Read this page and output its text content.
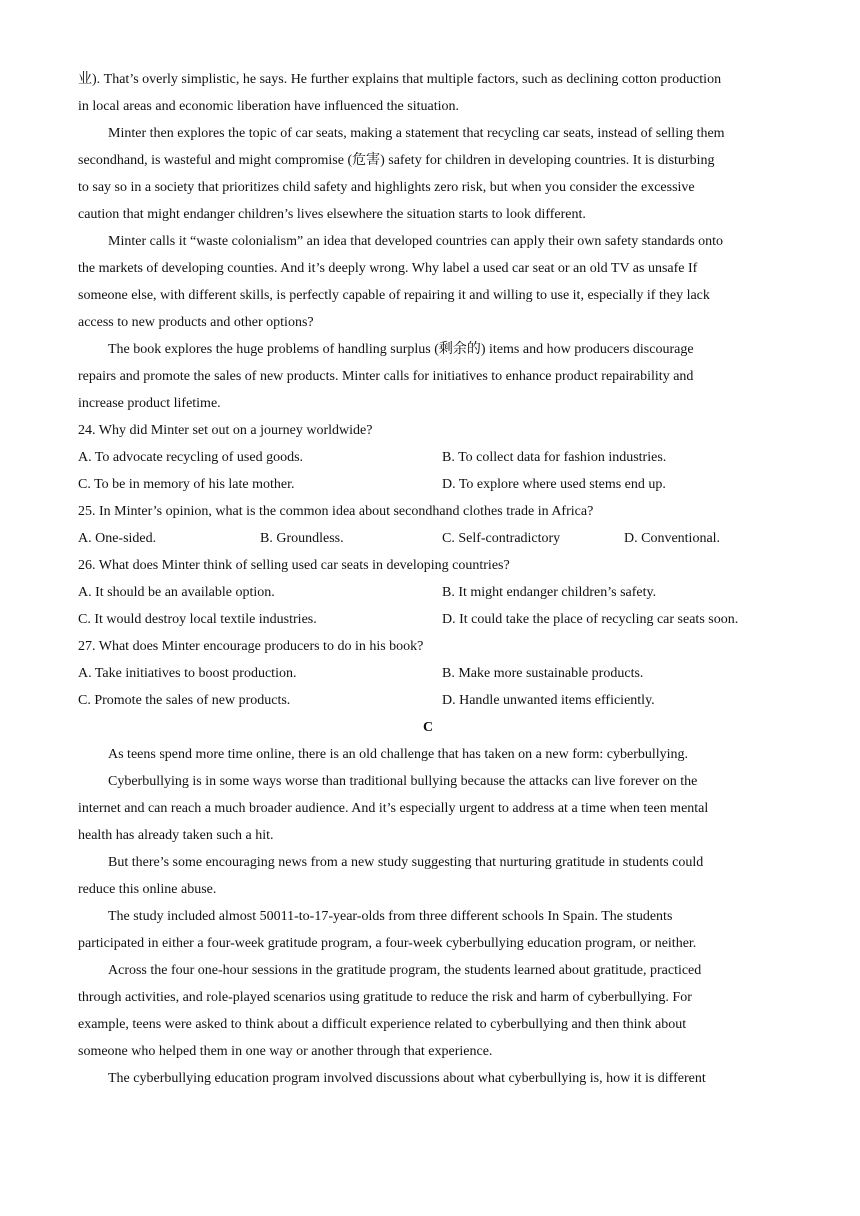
业). That’s overly simplistic, he says. He further explains that multiple factors, such as declining cotton production
in local areas and economic liberation have influenced the situation.
Minter then explores the topic of car seats, making a statement that recycling car seats, instead of selling them
secondhand, is wasteful and might compromise (危害) safety for children in developing countries. It is disturbing
to say so in a society that prioritizes child safety and highlights zero risk, but when you consider the excessive
caution that might endanger children’s lives elsewhere the situation starts to look different.
Minter calls it “waste colonialism” an idea that developed countries can apply their own safety standards onto
the markets of developing counties. And it’s deeply wrong. Why label a used car seat or an old TV as unsafe If
someone else, with different skills, is perfectly capable of repairing it and willing to use it, especially if they lack
access to new products and other options?
The book explores the huge problems of handling surplus (剩余的) items and how producers discourage
repairs and promote the sales of new products. Minter calls for initiatives to enhance product repairability and
increase product lifetime.
24. Why did Minter set out on a journey worldwide?
A. To advocate recycling of used goods.	B. To collect data for fashion industries.
C. To be in memory of his late mother.	D. To explore where used stems end up.
25. In Minter’s opinion, what is the common idea about secondhand clothes trade in Africa?
A. One-sided.	B. Groundless.	C. Self-contradictory	D. Conventional.
26. What does Minter think of selling used car seats in developing countries?
A. It should be an available option.	B. It might endanger children’s safety.
C. It would destroy local textile industries.	D. It could take the place of recycling car seats soon.
27. What does Minter encourage producers to do in his book?
A. Take initiatives to boost production.	B. Make more sustainable products.
C. Promote the sales of new products.	D. Handle unwanted items efficiently.
C
As teens spend more time online, there is an old challenge that has taken on a new form: cyberbullying.
Cyberbullying is in some ways worse than traditional bullying because the attacks can live forever on the
internet and can reach a much broader audience. And it’s especially urgent to address at a time when teen mental
health has already taken such a hit.
But there’s some encouraging news from a new study suggesting that nurturing gratitude in students could
reduce this online abuse.
The study included almost 50011-to-17-year-olds from three different schools In Spain. The students
participated in either a four-week gratitude program, a four-week cyberbullying education program, or neither.
Across the four one-hour sessions in the gratitude program, the students learned about gratitude, practiced
through activities, and role-played scenarios using gratitude to reduce the risk and harm of cyberbullying. For
example, teens were asked to think about a difficult experience related to cyberbullying and then think about
someone who helped them in one way or another through that experience.
The cyberbullying education program involved discussions about what cyberbullying is, how it is different
